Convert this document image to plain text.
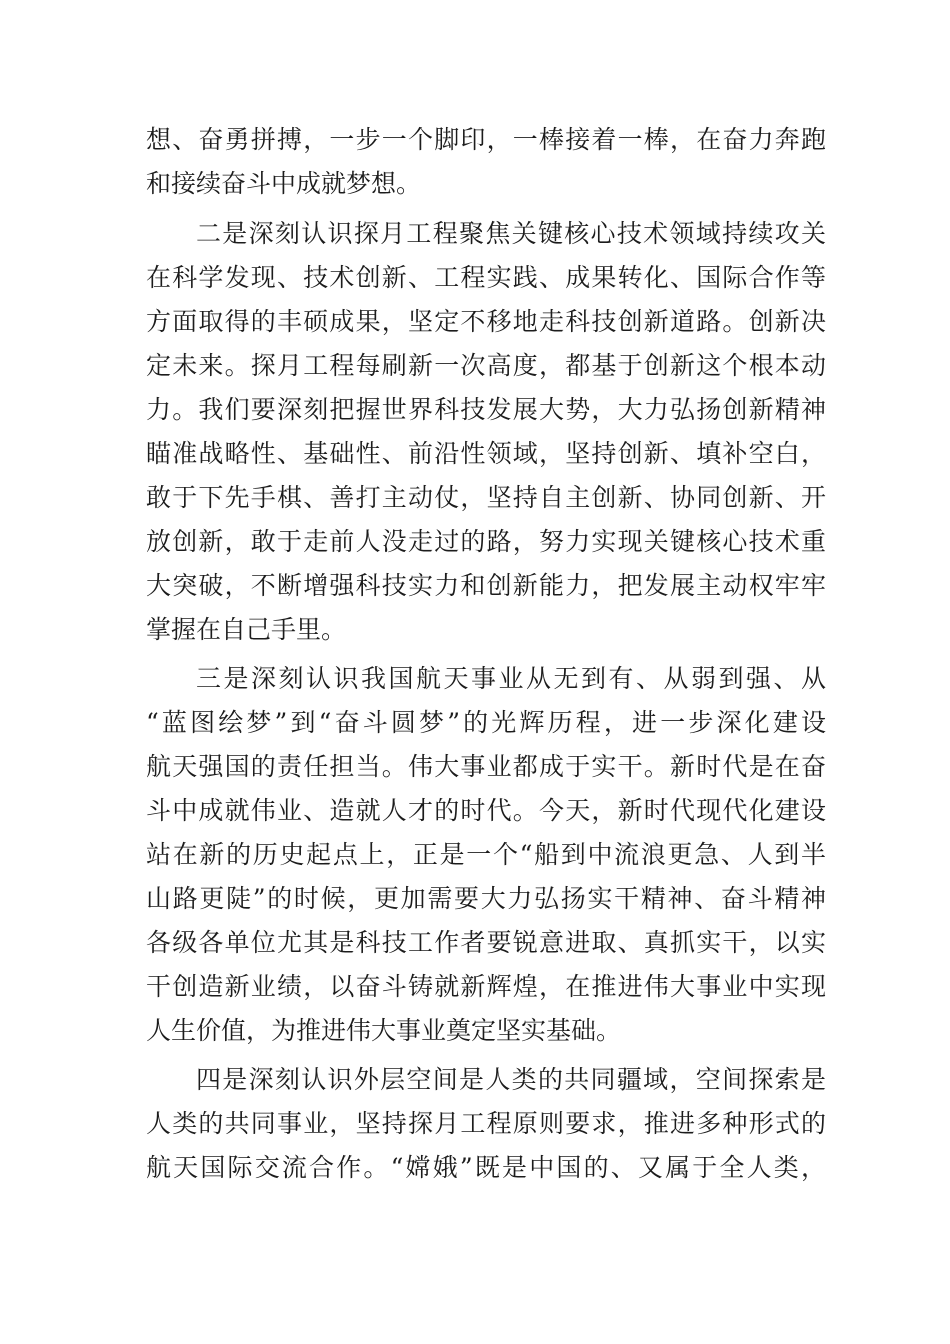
想、奋勇拼搏，一步一个脚印，一棒接着一棒，在奋力奔跑
和接续奋斗中成就梦想。
二是深刻认识探月工程聚焦关键核心技术领域持续攻关
在科学发现、技术创新、工程实践、成果转化、国际合作等
方面取得的丰硕成果，坚定不移地走科技创新道路。创新决
定未来。探月工程每刷新一次高度，都基于创新这个根本动
力。我们要深刻把握世界科技发展大势，大力弘扬创新精神
瞄准战略性、基础性、前沿性领域，坚持创新、填补空白，
敢于下先手棋、善打主动仗，坚持自主创新、协同创新、开
放创新，敢于走前人没走过的路，努力实现关键核心技术重
大突破，不断增强科技实力和创新能力，把发展主动权牢牢
掌握在自己手里。
三是深刻认识我国航天事业从无到有、从弱到强、从
“蓝图绘梦”到“奋斗圆梦”的光辉历程，进一步深化建设
航天强国的责任担当。伟大事业都成于实干。新时代是在奋
斗中成就伟业、造就人才的时代。今天，新时代现代化建设
站在新的历史起点上，正是一个“船到中流浪更急、人到半
山路更陡”的时候，更加需要大力弘扬实干精神、奋斗精神
各级各单位尤其是科技工作者要锐意进取、真抓实干，以实
干创造新业绩，以奋斗铸就新辉煌，在推进伟大事业中实现
人生价值，为推进伟大事业奠定坚实基础。
四是深刻认识外层空间是人类的共同疆域，空间探索是
人类的共同事业，坚持探月工程原则要求，推进多种形式的
航天国际交流合作。“嫦娥”既是中国的、又属于全人类，
